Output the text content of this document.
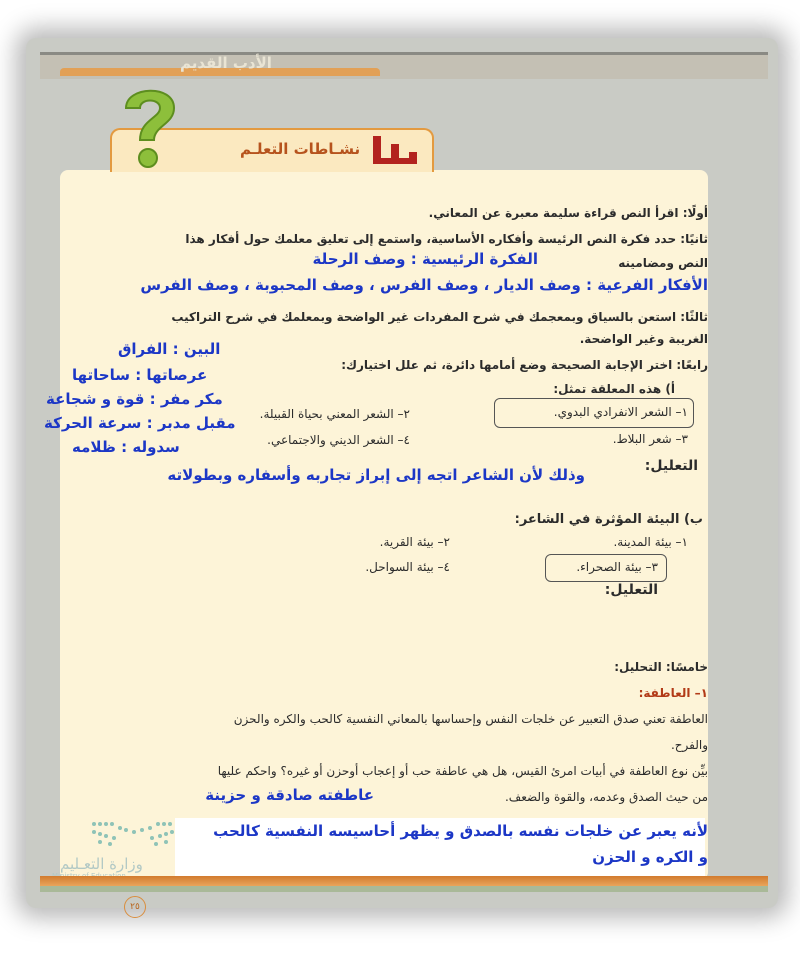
الأدب القديم
نشـاطات التعلـم
أولًا: اقرأ النص قراءة سليمة معبرة عن المعاني.
ثانيًا: حدد فكرة النص الرئيسة وأفكاره الأساسية، واستمع إلى تعليق معلمك حول أفكار هذا
النص ومضامينه
الفكرة الرئيسية : وصف الرحلة
الأفكار الفرعية : وصف الديار ، وصف الفرس ، وصف المحبوبة ، وصف الفرس
ثالثًا: استعن بالسياق وبمعجمك في شرح المفردات غير الواضحة وبمعلمك في شرح التراكيب
الغريبة وغير الواضحة.
البين : الفراق
عرصاتها : ساحاتها
مكر مفر : قوة و شجاعة
مقبل مدبر : سرعة الحركة
سدوله : ظلامه
رابعًا: اختر الإجابة الصحيحة وضع أمامها دائرة، ثم علل اختيارك:
أ) هذه المعلقة تمثل:
١– الشعر الانفرادي البدوي.
٢– الشعر المعني بحياة القبيلة.
٣– شعر البلاط.
٤– الشعر الديني والاجتماعي.
التعليل:
وذلك لأن الشاعر اتجه إلى إبراز تجاربه وأسفاره وبطولاته
ب) البيئة المؤثرة في الشاعر:
١– بيئة المدينة.
٢– بيئة القرية.
٣– بيئة الصحراء.
٤– بيئة السواحل.
التعليل:
خامسًا: التحليل:
١– العاطفة:
العاطفة تعني صدق التعبير عن خلجات النفس وإحساسها بالمعاني النفسية كالحب والكره والحزن
والفرح.
بيِّن نوع العاطفة في أبيات امرئ القيس، هل هي عاطفة حب أو إعجاب أوحزن أو غيره؟ واحكم عليها
من حيث الصدق وعدمه، والقوة والضعف.
عاطفته صادقة و حزينة
لأنه يعبر عن خلجات نفسه بالصدق و يظهر أحاسيسه النفسية كالحب
و الكره و الحزن
وزارة التعـليم
٢٥
